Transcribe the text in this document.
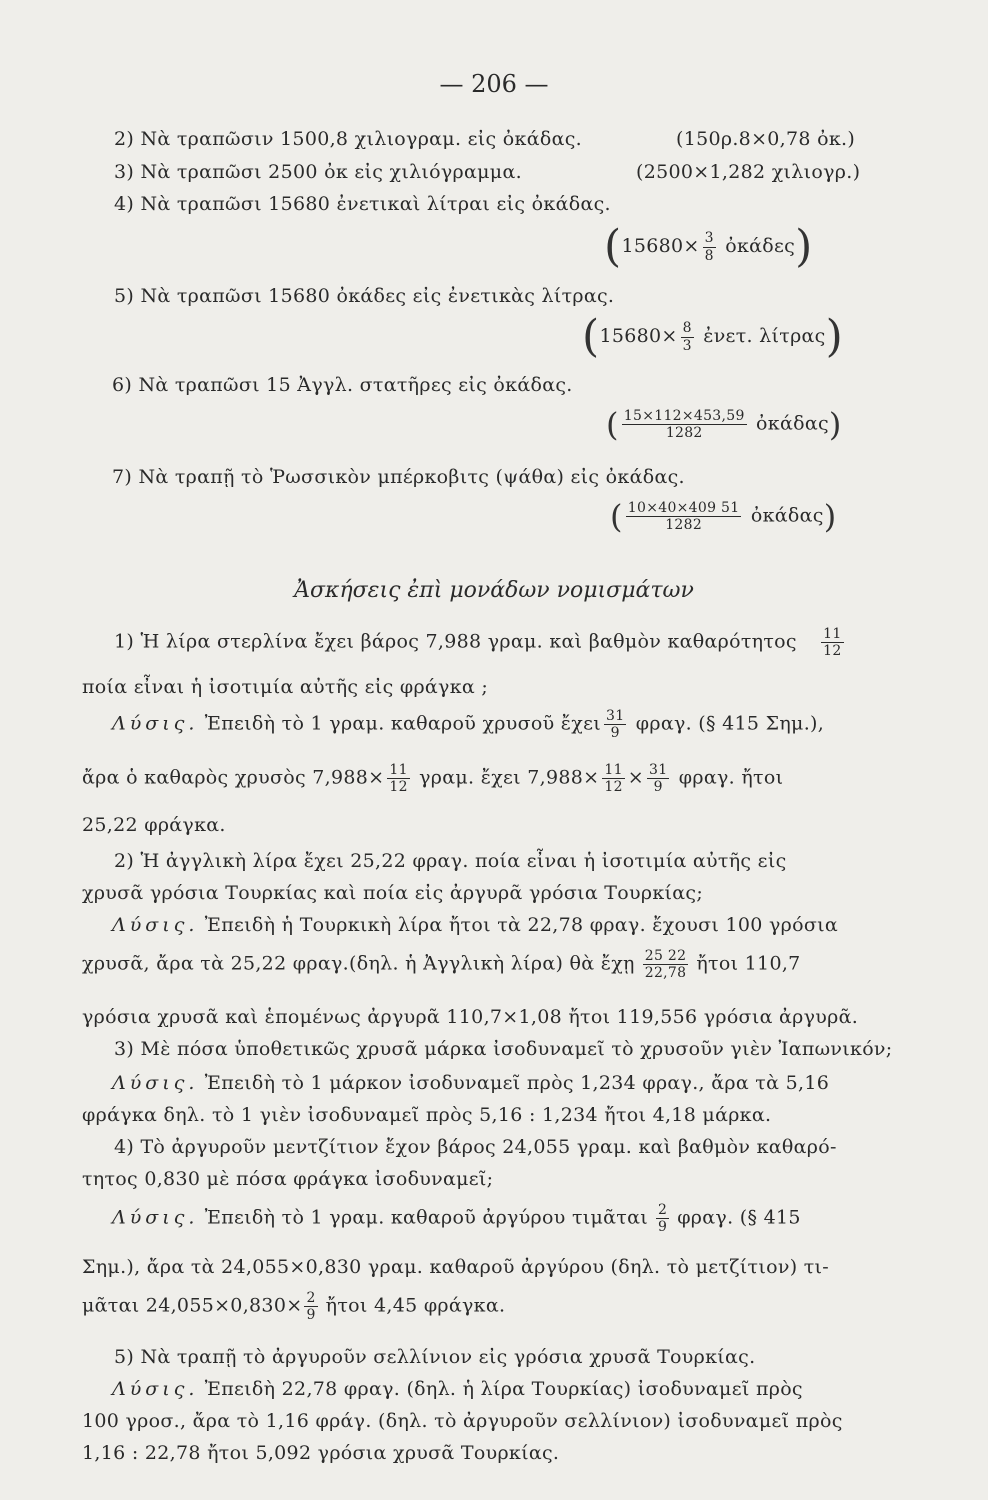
— 206 —
2) Νὰ τραπῶσιν 1500,8 χιλιογραμ. εἰς ὀκάδας.	(150ρ.8×0,78 ὀκ.)
3) Νὰ τραπῶσι 2500 ὀκ εἰς χιλιόγραμμα.	(2500×1,282 χιλιογρ.)
4) Νὰ τραπῶσι 15680 ἐνετικαὶ λίτραι εἰς ὀκάδας.
($15680\times \frac{3}{8}$ ὀκάδες)
5) Νὰ τραπῶσι 15680 ὀκάδες εἰς ἐνετικὰς λίτρας.
($15680\times \frac{8}{3}$ ἐνετ. λίτρας)
6) Νὰ τραπῶσι 15 Ἀγγλ. στατῆρες εἰς ὀκάδας.
( $\frac{15\times 112\times 453,59}{1282}$ ὀκάδας)
7) Νὰ τραπῇ τὸ Ῥωσσικὸν μπέρκοβιτς (ψάθα) εἰς ὀκάδας.
( $\frac{10\times 40\times 409 51}{1282}$ ὀκάδας)
Ἀσκήσεις ἐπὶ μονάδων νομισμάτων
1) Ἡ λίρα στερλίνα ἔχει βάρος 7,988 γραμ. καὶ βαθμὸν καθαρότητος $\frac{11}{12}$
ποία εἶναι ἡ ἰσοτιμία αὐτῆς εἰς φράγκα ;
Λύσις. Ἐπειδὴ τὸ 1 γραμ. καθαροῦ χρυσοῦ ἔχει $\frac{31}{9} \varphi\rho\alpha\gamma$. (§ 415 Σημ.),
ἄρα ὁ καθαρὸς χρυσὸς $7,988\times \frac{11}{12} \gamma\rho\alpha\mu$. ἔχει $7,988\times \frac{11}{12} \times \frac{31}{9} \varphi\rho\alpha\gamma$. ἤτοι
25,22 φράγκα.
2) Ἡ ἀγγλικὴ λίρα ἔχει 25,22 φραγ. ποία εἶναι ἡ ἰσοτιμία αὐτῆς εἰς
χρυσᾶ γρόσια Τουρκίας καὶ ποία εἰς ἀργυρᾶ γρόσια Τουρκίας;
Λύσις. Ἐπειδὴ ἡ Τουρκικὴ λίρα ἤτοι τὰ 22,78 φραγ. ἔχουσι 100 γρόσια
χρυσᾶ, ἄρα τὰ 25,22 φραγ.(δηλ. ἡ Ἀγγλικὴ λίρα) θὰ ἔχῃ $\frac{25 22}{22,78}$ ἤτοι 110,7
γρόσια χρυσᾶ καὶ ἑπομένως ἀργυρᾶ 110,7×1,08 ἤτοι 119,556 γρόσια ἀργυρᾶ.
3) Μὲ πόσα ὑποθετικῶς χρυσᾶ μάρκα ἰσοδυναμεῖ τὸ χρυσοῦν γιὲν Ἰαπωνικόν;
Λύσις. Ἐπειδὴ τὸ 1 μάρκον ἰσοδυναμεῖ πρὸς 1,234 φραγ., ἄρα τὰ 5,16
φράγκα δηλ. τὸ 1 γιὲν ἰσοδυναμεῖ πρὸς 5,16 : 1,234 ἤτοι 4,18 μάρκα.
4) Τὸ ἀργυροῦν μεντζίτιον ἔχον βάρος 24,055 γραμ. καὶ βαθμὸν καθαρό-
τητος 0,830 μὲ πόσα φράγκα ἰσοδυναμεῖ;
Λύσις. Ἐπειδὴ τὸ 1 γραμ. καθαροῦ ἀργύρου τιμᾶται $\frac{2}{9} \varphi\rho\alpha\gamma$. (§ 415
Σημ.), ἄρα τὰ 24,055×0,830 γραμ. καθαροῦ ἀργύρου (δηλ. τὸ μετζίτιον) τι-
μᾶται $24,055\times 0,830\times \frac{2}{9}$ ἤτοι 4,45 φράγκα.
5) Νὰ τραπῇ τὸ ἀργυροῦν σελλίνιον εἰς γρόσια χρυσᾶ Τουρκίας.
Λύσις. Ἐπειδὴ 22,78 φραγ. (δηλ. ἡ λίρα Τουρκίας) ἰσοδυναμεῖ πρὸς
100 γροσ., ἄρα τὸ 1,16 φράγ. (δηλ. τὸ ἀργυροῦν σελλίνιον) ἰσοδυναμεῖ πρὸς
1,16 : 22,78 ἤτοι 5,092 γρόσια χρυσᾶ Τουρκίας.
